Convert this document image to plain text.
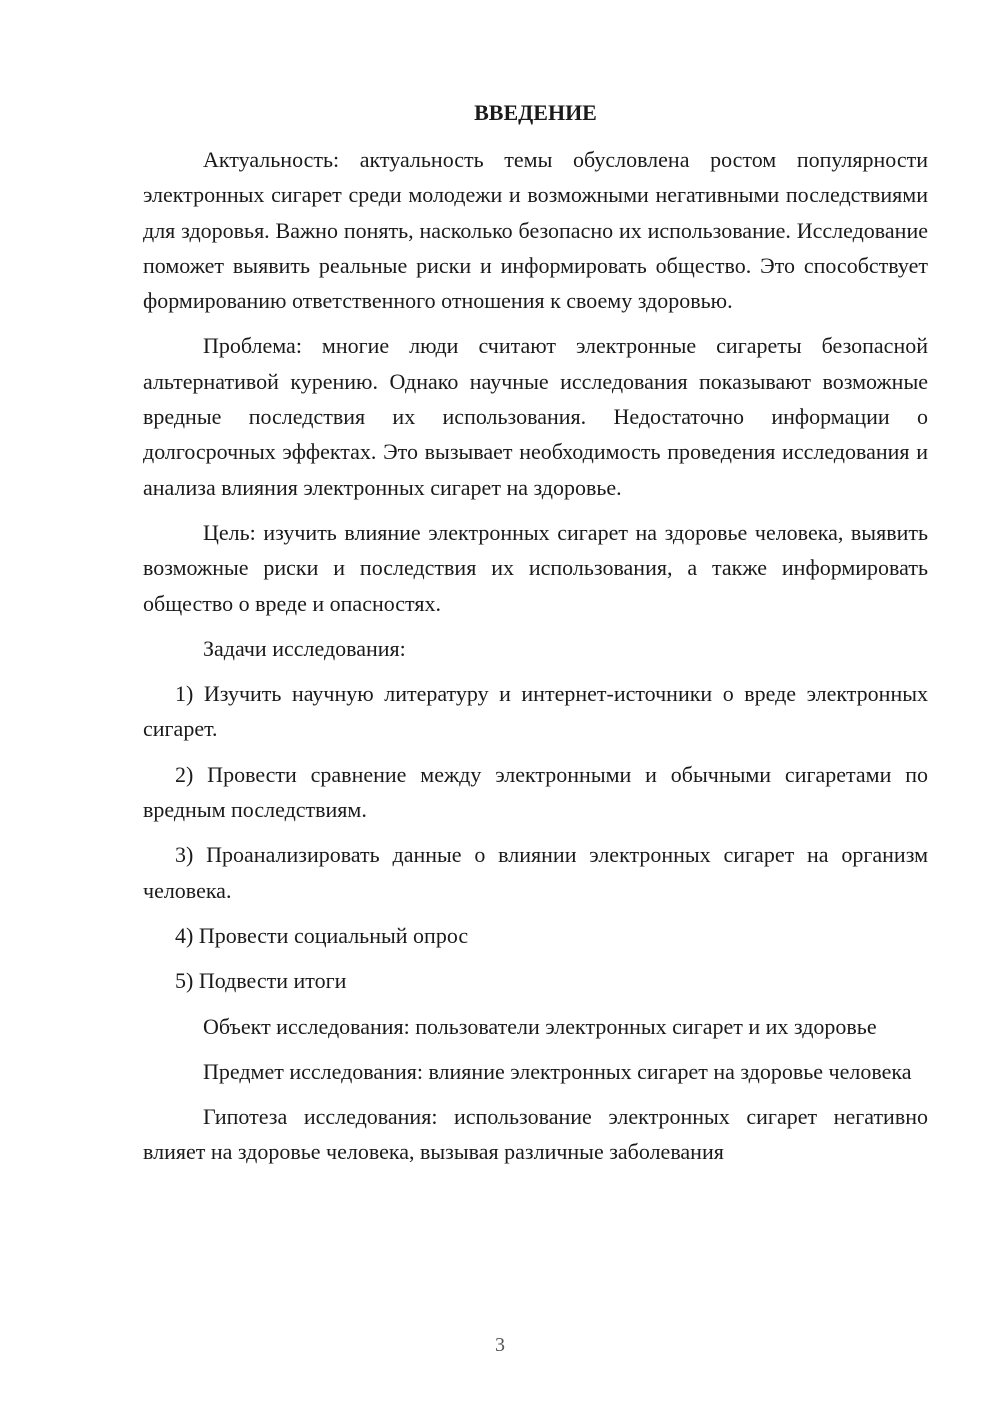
ВВЕДЕНИЕ

Актуальность: актуальность темы обусловлена ростом популярности электронных сигарет среди молодежи и возможными негативными последствиями для здоровья. Важно понять, насколько безопасно их использование. Исследование поможет выявить реальные риски и информировать общество. Это способствует формированию ответственного отношения к своему здоровью.

Проблема: многие люди считают электронные сигареты безопасной альтернативой курению. Однако научные исследования показывают возможные вредные последствия их использования. Недостаточно информации о долгосрочных эффектах. Это вызывает необходимость проведения исследования и анализа влияния электронных сигарет на здоровье.

Цель: изучить влияние электронных сигарет на здоровье человека, выявить возможные риски и последствия их использования, а также информировать общество о вреде и опасностях.

Задачи исследования:

1) Изучить научную литературу и интернет-источники о вреде электронных сигарет.

2) Провести сравнение между электронными и обычными сигаретами по вредным последствиям.

3) Проанализировать данные о влиянии электронных сигарет на организм человека.

4) Провести социальный опрос

5) Подвести итоги

Объект исследования: пользователи электронных сигарет и их здоровье

Предмет исследования: влияние электронных сигарет на здоровье человека

Гипотеза исследования: использование электронных сигарет негативно влияет на здоровье человека, вызывая различные заболевания

3
